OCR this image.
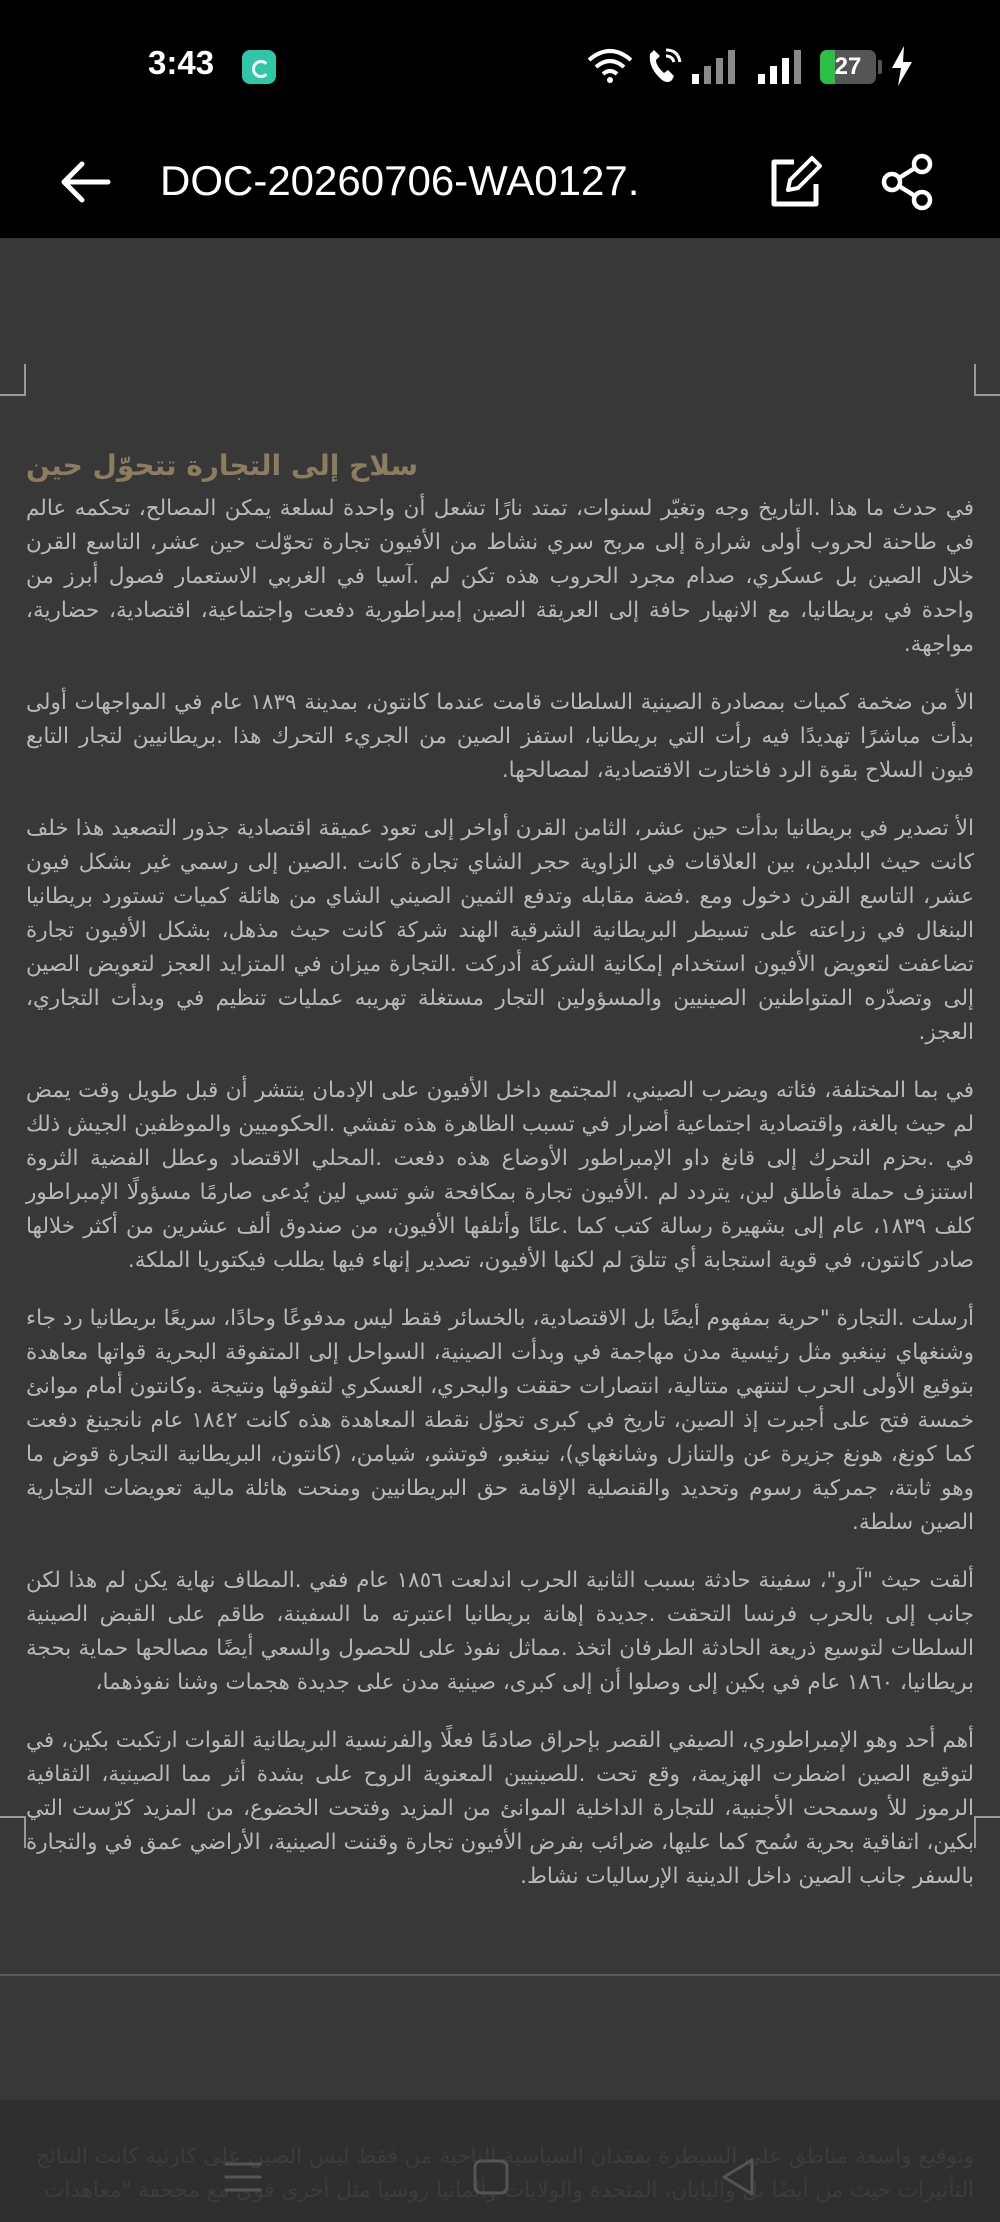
3:43	27
DOC-20260706-WA0127.
سلاح إلى التجارة تتحوّل حين

في حدث ما هذا .التاريخ وجه وتغيّر لسنوات، تمتد نارًا تشعل أن واحدة لسلعة يمكن المصالح، تحكمه عالم في طاحنة لحروب أولى شرارة إلى مربح سري نشاط من الأفيون تجارة تحوّلت حين عشر، التاسع القرن خلال الصين بل عسكري، صدام مجرد الحروب هذه تكن لم .آسيا في الغربي الاستعمار فصول أبرز من واحدة في بريطانيا، مع الانهيار حافة إلى العريقة الصين إمبراطورية دفعت واجتماعية، اقتصادية، حضارية، مواجهة.

الأ من ضخمة كميات بمصادرة الصينية السلطات قامت عندما كانتون، بمدينة ١٨٣٩ عام في المواجهات أولى بدأت مباشرًا تهديدًا فيه رأت التي بريطانيا، استفز الصين من الجريء التحرك هذا .بريطانيين لتجار التابع فيون السلاح بقوة الرد فاختارت الاقتصادية، لمصالحها.

الأ تصدير في بريطانيا بدأت حين عشر، الثامن القرن أواخر إلى تعود عميقة اقتصادية جذور التصعيد هذا خلف كانت حيث البلدين، بين العلاقات في الزاوية حجر الشاي تجارة كانت .الصين إلى رسمي غير بشكل فيون عشر، التاسع القرن دخول ومع .فضة مقابله وتدفع الثمين الصيني الشاي من هائلة كميات تستورد بريطانيا البنغال في زراعته على تسيطر البريطانية الشرقية الهند شركة كانت حيث مذهل، بشكل الأفيون تجارة تضاعفت لتعويض الأفيون استخدام إمكانية الشركة أدركت .التجارة ميزان في المتزايد العجز لتعويض الصين إلى وتصدّره المتواطنين الصينيين والمسؤولين التجار مستغلة تهريبه عمليات تنظيم في وبدأت التجاري، العجز.

في بما المختلفة، فئاته ويضرب الصيني، المجتمع داخل الأفيون على الإدمان ينتشر أن قبل طويل وقت يمض لم حيث بالغة، واقتصادية اجتماعية أضرار في تسبب الظاهرة هذه تفشي .الحكوميين والموظفين الجيش ذلك في .بحزم التحرك إلى قانغ داو الإمبراطور الأوضاع هذه دفعت .المحلي الاقتصاد وعطل الفضية الثروة استنزف حملة فأطلق لين، يتردد لم .الأفيون تجارة بمكافحة شو تسي لين يُدعى صارمًا مسؤولًا الإمبراطور كلف ١٨٣٩، عام إلى بشهيرة رسالة كتب كما .علنًا وأتلفها الأفيون، من صندوق ألف عشرين من أكثر خلالها صادر كانتون، في قوية استجابة أي تتلقَ لم لكنها الأفيون، تصدير إنهاء فيها يطلب فيكتوريا الملكة.

أرسلت .التجارة "حرية بمفهوم أيضًا بل الاقتصادية، بالخسائر فقط ليس مدفوعًا وحادًا، سريعًا بريطانيا رد جاء وشنغهاي نينغبو مثل رئيسية مدن مهاجمة في وبدأت الصينية، السواحل إلى المتفوقة البحرية قواتها معاهدة بتوقيع الأولى الحرب لتنتهي متتالية، انتصارات حققت والبحري، العسكري لتفوقها ونتيجة .وكانتون أمام موانئ خمسة فتح على أجبرت إذ الصين، تاريخ في كبرى تحوّل نقطة المعاهدة هذه كانت ١٨٤٢ عام نانجينغ دفعت كما كونغ، هونغ جزيرة عن والتنازل وشانغهاي)، نينغبو، فوتشو، شيامن، (كانتون، البريطانية التجارة قوض ما وهو ثابتة، جمركية رسوم وتحديد والقنصلية الإقامة حق البريطانيين ومنحت هائلة مالية تعويضات التجارية الصين سلطة.

ألقت حيث "آرو"، سفينة حادثة بسبب الثانية الحرب اندلعت ١٨٥٦ عام ففي .المطاف نهاية يكن لم هذا لكن جانب إلى بالحرب فرنسا التحقت .جديدة إهانة بريطانيا اعتبرته ما السفينة، طاقم على القبض الصينية السلطات لتوسيع ذريعة الحادثة الطرفان اتخذ .مماثل نفوذ على للحصول والسعي أيضًا مصالحها حماية بحجة بريطانيا، ١٨٦٠ عام في بكين إلى وصلوا أن إلى كبرى، صينية مدن على جديدة هجمات وشنا نفوذهما،

أهم أحد وهو الإمبراطوري، الصيفي القصر بإحراق صادمًا فعلًا والفرنسية البريطانية القوات ارتكبت بكين، في لتوقيع الصين اضطرت الهزيمة، وقع تحت .للصينيين المعنوية الروح على بشدة أثر مما الصينية، الثقافية الرموز للأ وسمحت الأجنبية، للتجارة الداخلية الموانئ من المزيد وفتحت الخضوع، من المزيد كرّست التي بكين، اتفاقية بحرية سُمح كما عليها، ضرائب بفرض الأفيون تجارة وقننت الصينية، الأراضي عمق في والتجارة بالسفر جانب الصين داخل الدينية الإرساليات نشاط.

وتوقيع واسعة مناطق على السيطرة بفقدان السياسية الناحية من فقط ليس الصين على كارثية كانت النتائج التأثيرات حيث من أيضًا بل واليابان، المتحدة والولايات وألمانيا روسيا مثل أخرى قوى مع مجحفة "معاهدات
